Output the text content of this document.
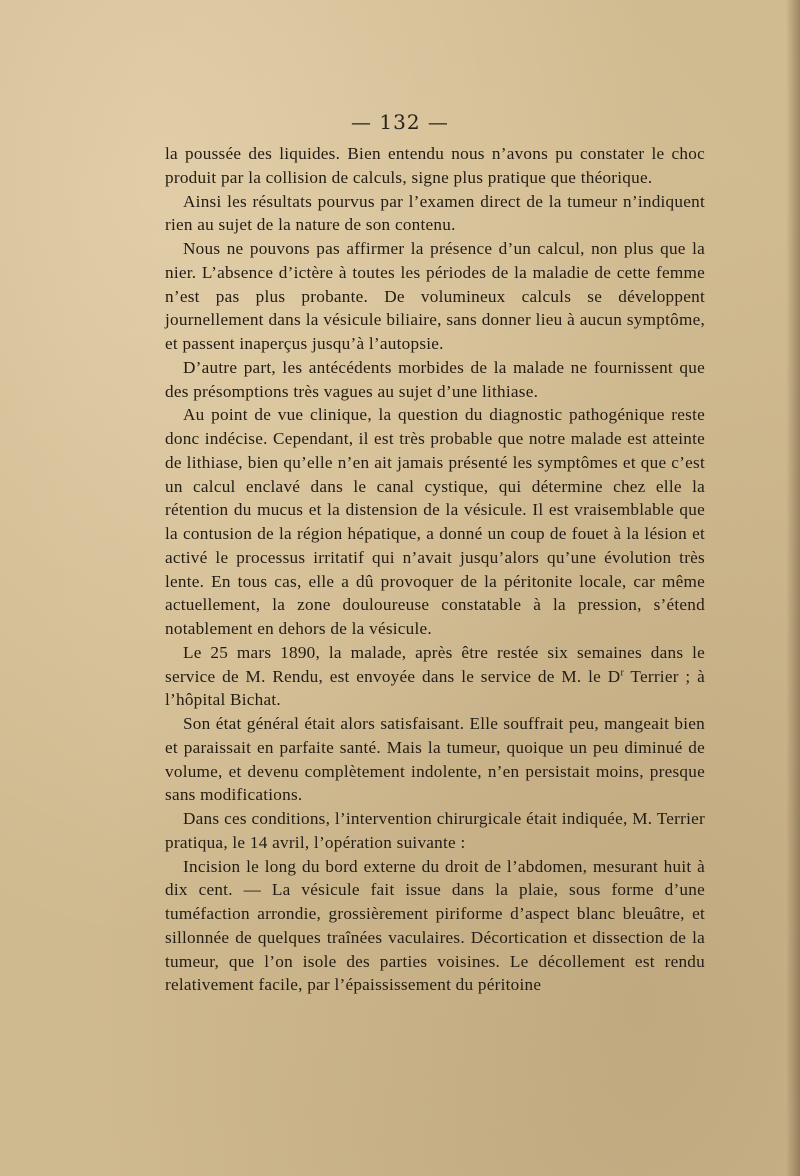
— 132 —

la poussée des liquides. Bien entendu nous n’avons pu constater le choc produit par la collision de calculs, signe plus pratique que théorique.

Ainsi les résultats pourvus par l’examen direct de la tumeur n’indiquent rien au sujet de la nature de son contenu.

Nous ne pouvons pas affirmer la présence d’un calcul, non plus que la nier. L’absence d’ictère à toutes les périodes de la maladie de cette femme n’est pas plus probante. De volumineux calculs se développent journellement dans la vésicule biliaire, sans donner lieu à aucun symptôme, et passent inaperçus jusqu’à l’autopsie.

D’autre part, les antécédents morbides de la malade ne fournissent que des présomptions très vagues au sujet d’une lithiase.

Au point de vue clinique, la question du diagnostic pathogénique reste donc indécise. Cependant, il est très probable que notre malade est atteinte de lithiase, bien qu’elle n’en ait jamais présenté les symptômes et que c’est un calcul enclavé dans le canal cystique, qui détermine chez elle la rétention du mucus et la distension de la vésicule. Il est vraisemblable que la contusion de la région hépatique, a donné un coup de fouet à la lésion et activé le processus irritatif qui n’avait jusqu’alors qu’une évolution très lente. En tous cas, elle a dû provoquer de la péritonite locale, car même actuellement, la zone douloureuse constatable à la pression, s’étend notablement en dehors de la vésicule.

Le 25 mars 1890, la malade, après être restée six semaines dans le service de M. Rendu, est envoyée dans le service de M. le $D^r$ Terrier ; à l’hôpital Bichat.

Son état général était alors satisfaisant. Elle souffrait peu, mangeait bien et paraissait en parfaite santé. Mais la tumeur, quoique un peu diminué de volume, et devenu complètement indolente, n’en persistait moins, presque sans modifications.

Dans ces conditions, l’intervention chirurgicale était indiquée, M. Terrier pratiqua, le 14 avril, l’opération suivante :

Incision le long du bord externe du droit de l’abdomen, mesurant huit à dix cent. — La vésicule fait issue dans la plaie, sous forme d’une tuméfaction arrondie, grossièrement piriforme d’aspect blanc bleuâtre, et sillonnée de quelques traînées vaculaires. Décortication et dissection de la tumeur, que l’on isole des parties voisines. Le décollement est rendu relativement facile, par l’épaississement du péritoine
